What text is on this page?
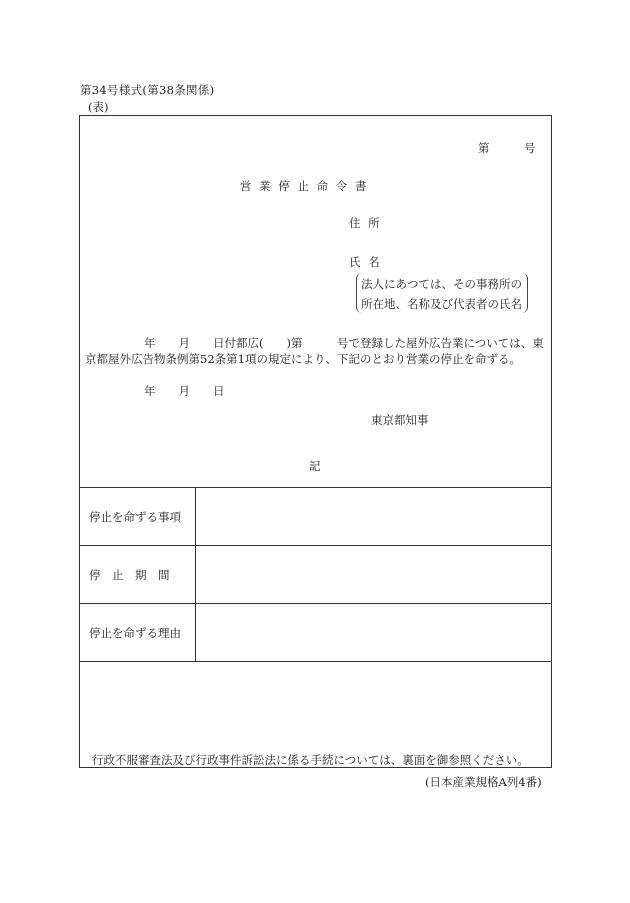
第34号様式(第38条関係)
(表)
第　　　号
営 業 停 止 命 令 書
住 所
氏 名
法人にあつては、その事務所の
所在地、名称及び代表者の氏名
年　　月　　日付都広(　　)第　　　号で登録した屋外広告業については、東
京都屋外広告物条例第52条第1項の規定により、下記のとおり営業の停止を命ずる。
年　　月　　日
東京都知事
記
停止を命ずる事項
停　止　期　間
停止を命ずる理由
行政不服審査法及び行政事件訴訟法に係る手続については、裏面を御参照ください。
(日本産業規格A列4番)
